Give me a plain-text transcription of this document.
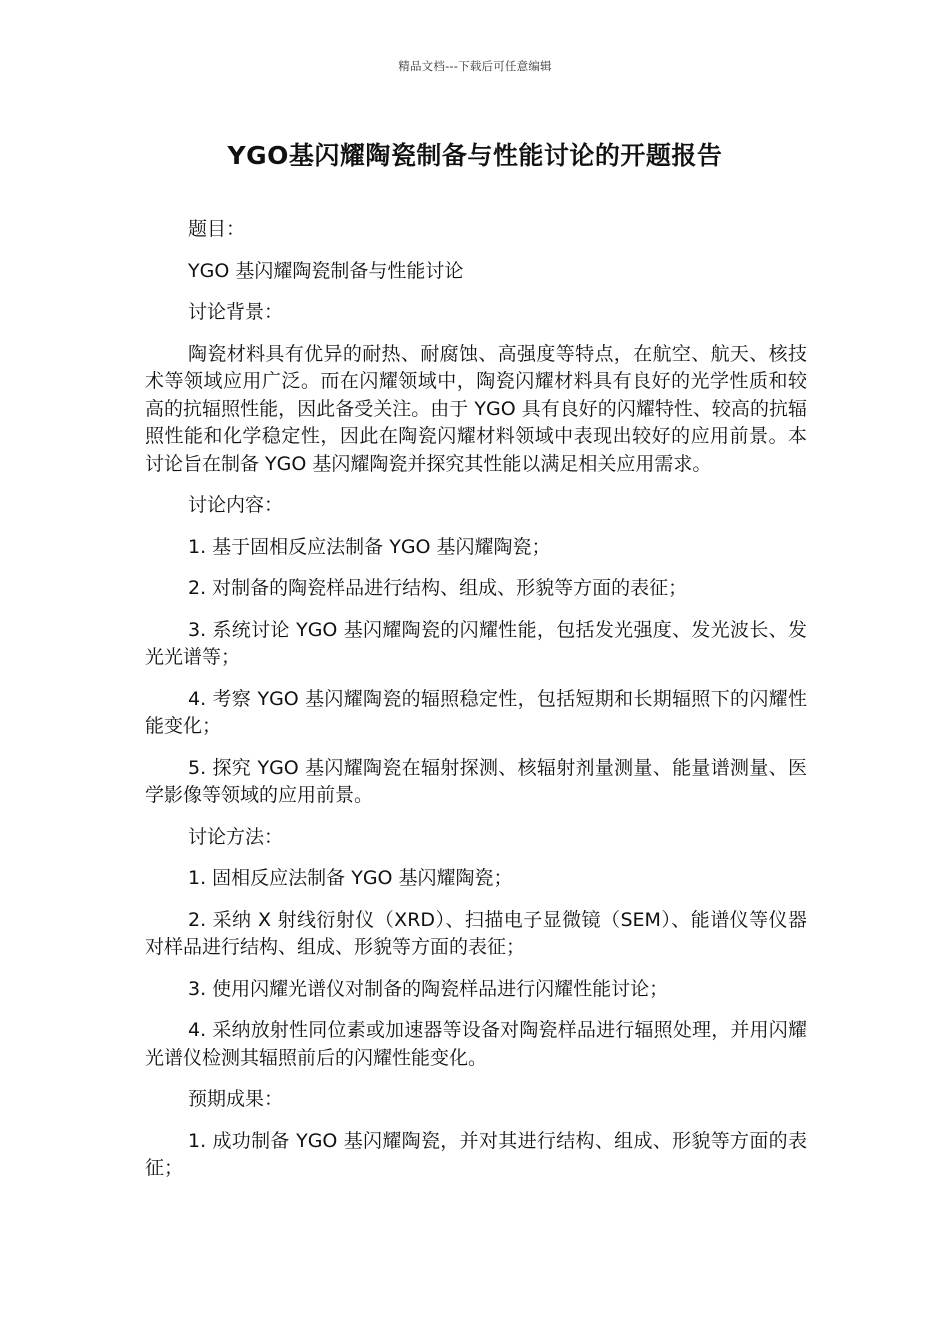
精品文档---下载后可任意编辑
YGO基闪耀陶瓷制备与性能讨论的开题报告

题目：

YGO 基闪耀陶瓷制备与性能讨论

讨论背景：

陶瓷材料具有优异的耐热、耐腐蚀、高强度等特点，在航空、航天、核技术等领域应用广泛。而在闪耀领域中，陶瓷闪耀材料具有良好的光学性质和较高的抗辐照性能，因此备受关注。由于 YGO 具有良好的闪耀特性、较高的抗辐照性能和化学稳定性，因此在陶瓷闪耀材料领域中表现出较好的应用前景。本讨论旨在制备 YGO 基闪耀陶瓷并探究其性能以满足相关应用需求。

讨论内容：

1. 基于固相反应法制备 YGO 基闪耀陶瓷；

2. 对制备的陶瓷样品进行结构、组成、形貌等方面的表征；

3. 系统讨论 YGO 基闪耀陶瓷的闪耀性能，包括发光强度、发光波长、发光光谱等；

4. 考察 YGO 基闪耀陶瓷的辐照稳定性，包括短期和长期辐照下的闪耀性能变化；

5. 探究 YGO 基闪耀陶瓷在辐射探测、核辐射剂量测量、能量谱测量、医学影像等领域的应用前景。

讨论方法：

1. 固相反应法制备 YGO 基闪耀陶瓷；

2. 采纳 X 射线衍射仪（XRD）、扫描电子显微镜（SEM）、能谱仪等仪器对样品进行结构、组成、形貌等方面的表征；

3. 使用闪耀光谱仪对制备的陶瓷样品进行闪耀性能讨论；

4. 采纳放射性同位素或加速器等设备对陶瓷样品进行辐照处理，并用闪耀光谱仪检测其辐照前后的闪耀性能变化。

预期成果：

1. 成功制备 YGO 基闪耀陶瓷，并对其进行结构、组成、形貌等方面的表征；
